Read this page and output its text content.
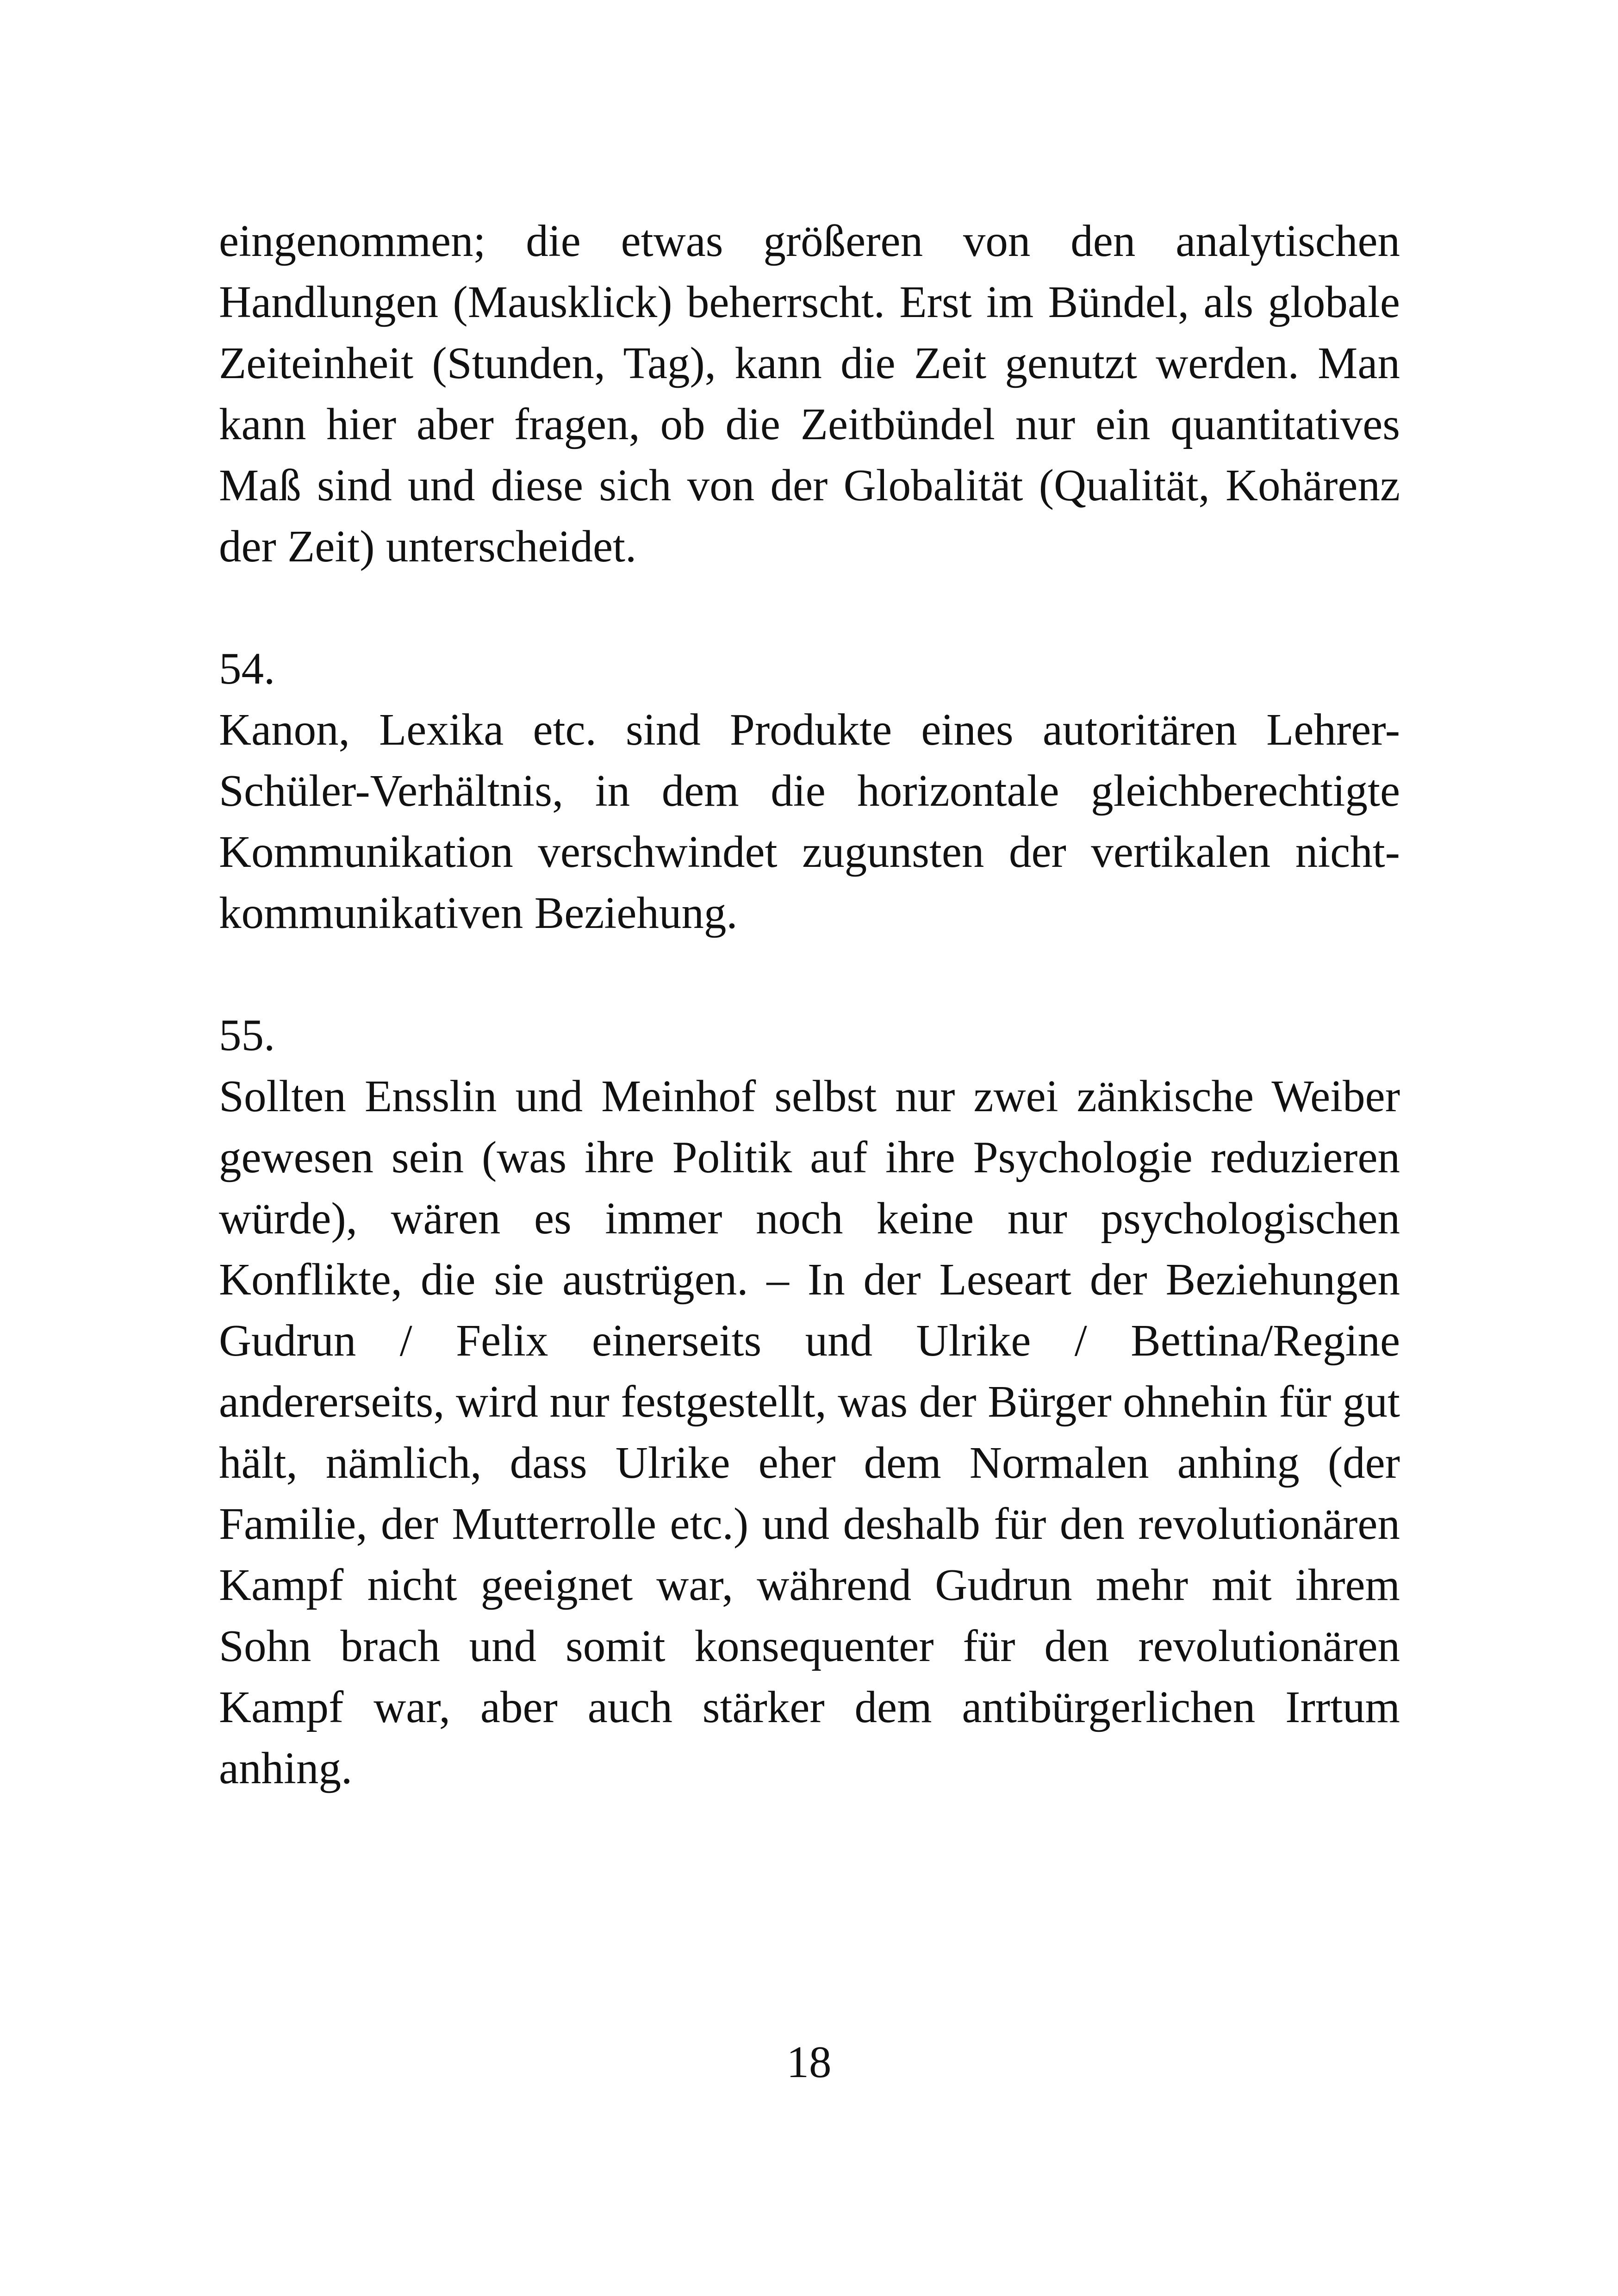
eingenommen; die etwas größeren von den analytischen Handlungen (Mausklick) beherrscht. Erst im Bündel, als globale Zeiteinheit (Stunden, Tag), kann die Zeit genutzt werden. Man kann hier aber fragen, ob die Zeitbündel nur ein quantitatives Maß sind und diese sich von der Globalität (Qualität, Kohärenz der Zeit) unterscheidet.

54.

Kanon, Lexika etc. sind Produkte eines autoritären Lehrer-Schüler-Verhältnis, in dem die horizontale gleichberechtigte Kommunikation verschwindet zugunsten der vertikalen nicht-kommunikativen Beziehung.

55.

Sollten Ensslin und Meinhof selbst nur zwei zänkische Weiber gewesen sein (was ihre Politik auf ihre Psychologie reduzieren würde), wären es immer noch keine nur psychologischen Konflikte, die sie austrügen. – In der Leseart der Beziehungen Gudrun / Felix einerseits und Ulrike / Bettina/Regine andererseits, wird nur festgestellt, was der Bürger ohnehin für gut hält, nämlich, dass Ulrike eher dem Normalen anhing (der Familie, der Mutterrolle etc.) und deshalb für den revolutionären Kampf nicht geeignet war, während Gudrun mehr mit ihrem Sohn brach und somit konsequenter für den revolutionären Kampf war, aber auch stärker dem antibürgerlichen Irrtum anhing.

18
